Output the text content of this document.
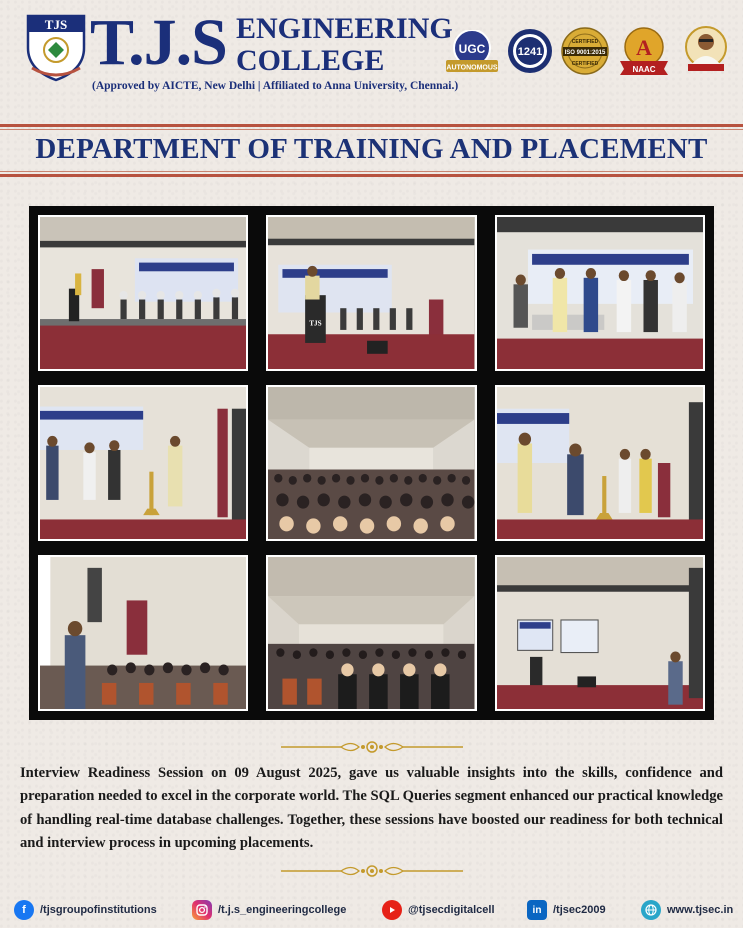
TJS T.J.S ENGINEERING
COLLEGE
(Approved by AICTE, New Delhi | Affiliated to Anna University, Chennai.)
UGC
AUTONOMOUS
1241
CERTIFIED
ISO 9001:2015
CERTIFIED
A
NAAC
DEPARTMENT OF TRAINING AND PLACEMENT
TJS
Interview Readiness Session on 09 August 2025, gave us valuable insights into the skills, confidence and preparation needed to excel in the corporate world. The SQL Queries segment enhanced our practical knowledge of handling real-time database challenges. Together, these sessions have boosted our readiness for both technical and interview process in upcoming placements.
f	/tjsgroupofinstitutions	/t.j.s_engineeringcollege	@tjsecdigitalcell	in	/tjsec2009	www.tjsec.in
